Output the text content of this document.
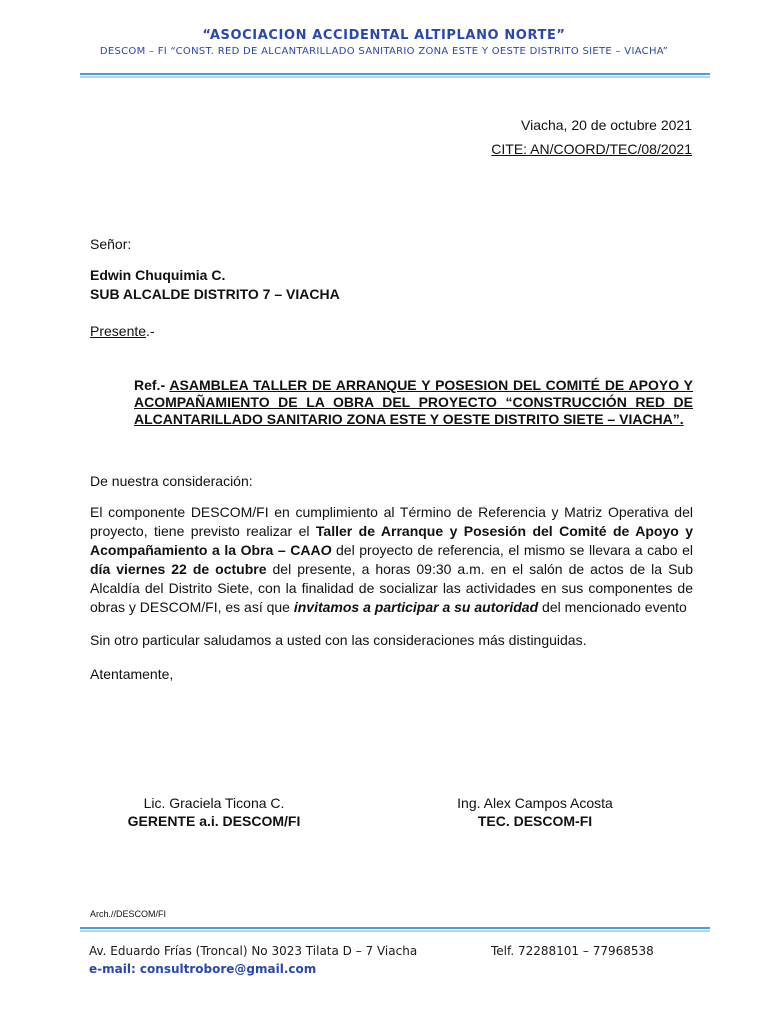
“ASOCIACION ACCIDENTAL ALTIPLANO NORTE”
DESCOM – FI “CONST. RED DE ALCANTARILLADO SANITARIO ZONA ESTE Y OESTE DISTRITO SIETE – VIACHA”
Viacha, 20 de octubre 2021
CITE: AN/COORD/TEC/08/2021
Señor:
Edwin Chuquimia C.
SUB ALCALDE DISTRITO 7 – VIACHA
Presente.-
Ref.- ASAMBLEA TALLER DE ARRANQUE Y POSESION DEL COMITÉ DE APOYO Y ACOMPAÑAMIENTO DE LA OBRA DEL PROYECTO “CONSTRUCCIÓN RED DE ALCANTARILLADO SANITARIO ZONA ESTE Y OESTE DISTRITO SIETE – VIACHA”.
De nuestra consideración:
El componente DESCOM/FI en cumplimiento al Término de Referencia y Matriz Operativa del proyecto, tiene previsto realizar el Taller de Arranque y Posesión del Comité de Apoyo y Acompañamiento a la Obra – CAAO del proyecto de referencia, el mismo se llevara a cabo el día viernes 22 de octubre del presente, a horas 09:30 a.m. en el salón de actos de la Sub Alcaldía del Distrito Siete, con la finalidad de socializar las actividades en sus componentes de obras y DESCOM/FI, es así que invitamos a participar a su autoridad del mencionado evento
Sin otro particular saludamos a usted con las consideraciones más distinguidas.
Atentamente,
Lic. Graciela Ticona C.
GERENTE a.i. DESCOM/FI
Ing. Alex Campos Acosta
TEC. DESCOM-FI
Arch.//DESCOM/FI
Av. Eduardo Frías (Troncal) No 3023 Tilata D – 7 Viacha	Telf. 72288101 – 77968538
e-mail: consultrobore@gmail.com
